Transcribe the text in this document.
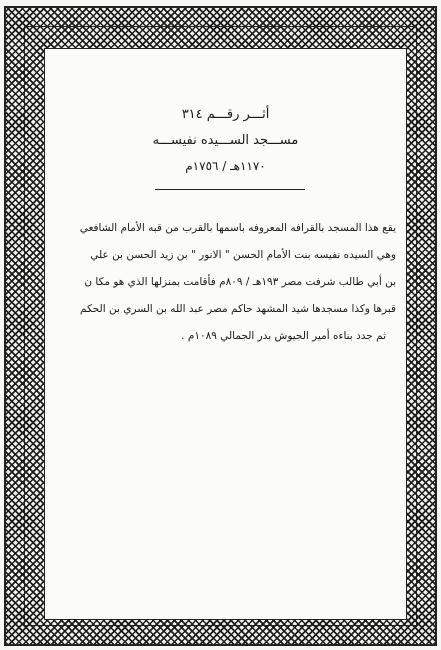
أثـــر رقـــم ٣١٤
مســـجد الســـيده نفيســـه
١١٧٠هـ / ١٧٥٦م
يقع هذا المسجد بالقرافه المعروفه باسمها بالقرب من قبه الأمام الشافعي
وهي السيده نفيسه بنت الأمام الحسن " الانور " بن زيد الحسن بن علي
بن أبي طالب شرفت مصر ١٩٣هـ / ٨٠٩م فأقامت بمنزلها الذي هو مكا ن
قبرها وكذا مسجدها شيد المشهد حاكم مصر عبد الله بن السري بن الحكم
ثم جدد بناءه أمير الجيوش بدر الجمالي ١٠٨٩م .
